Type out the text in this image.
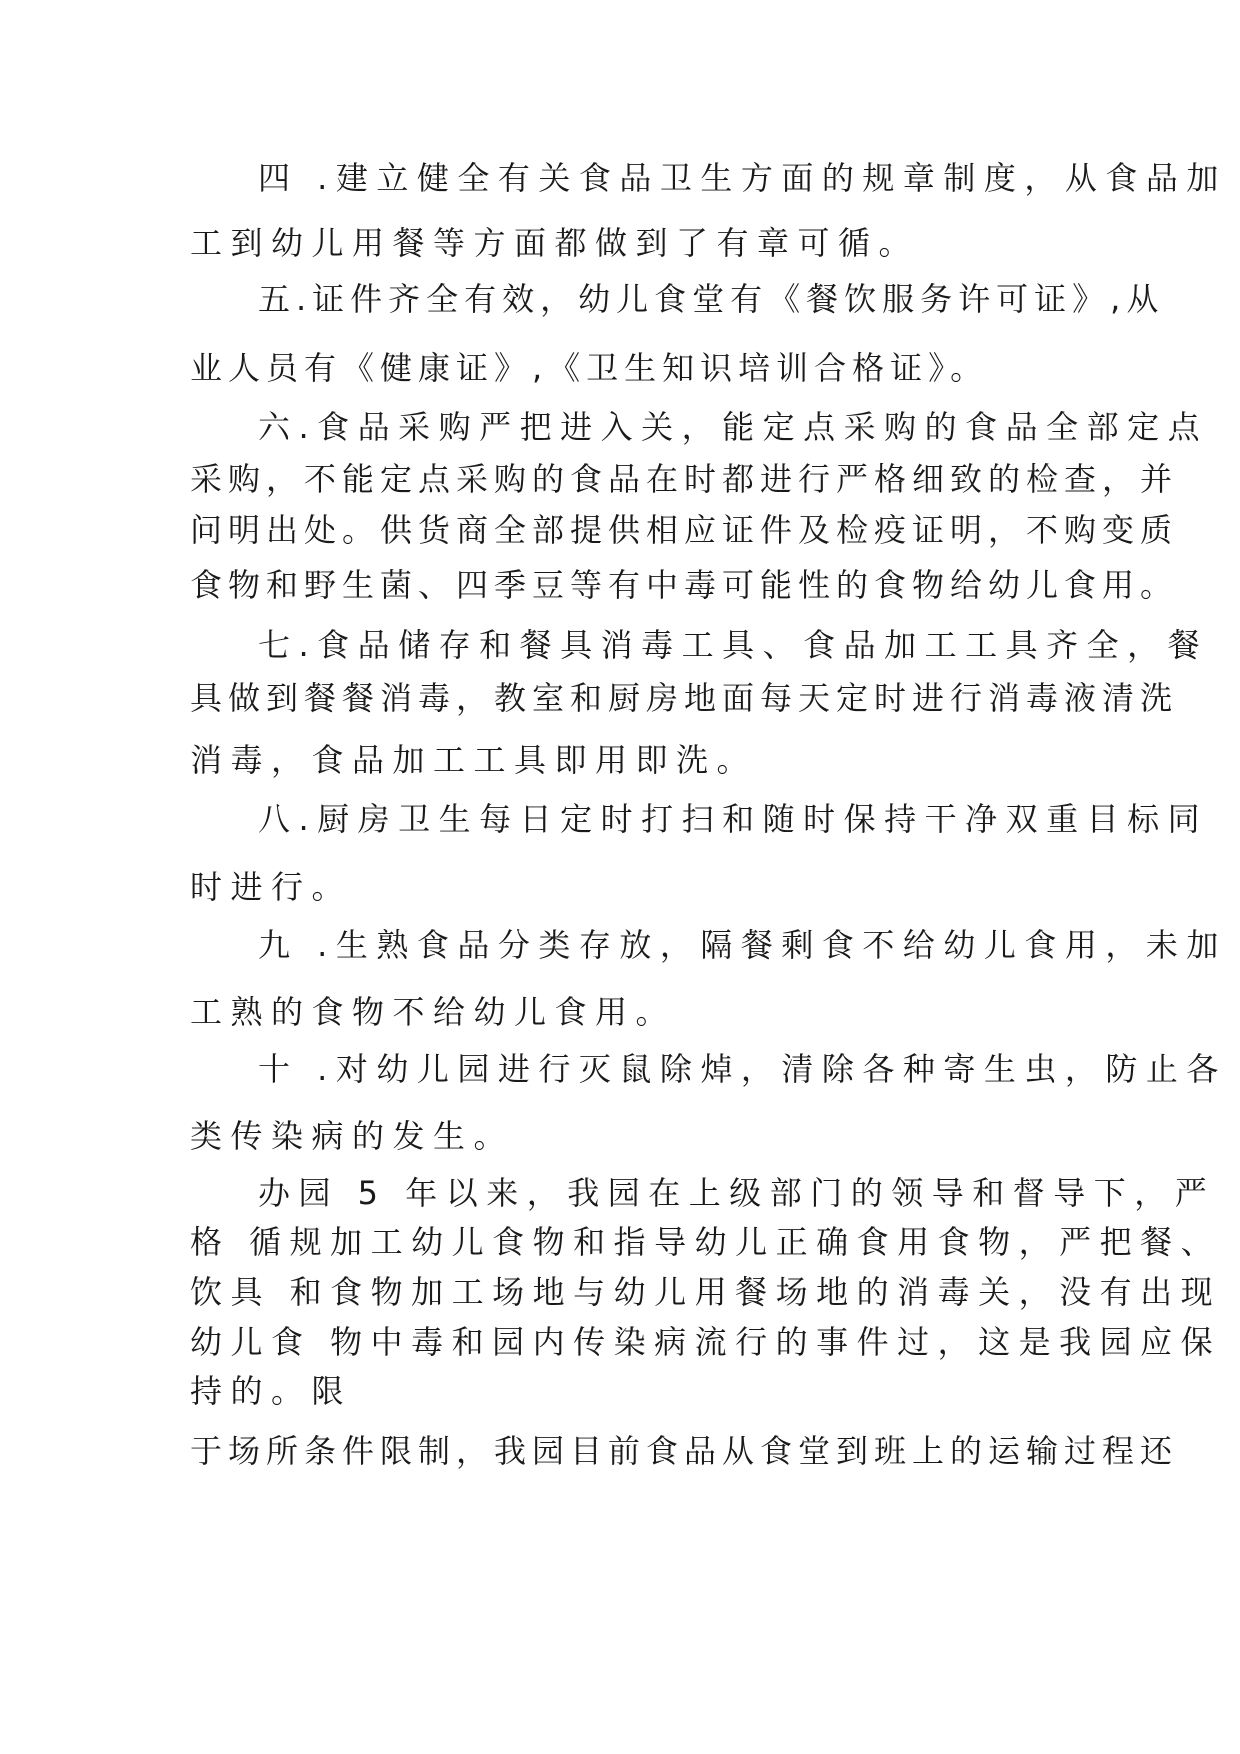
四 .建立健全有关食品卫生方面的规章制度，从食品加
工到幼儿用餐等方面都做到了有章可循。
五.证件齐全有效，幼儿食堂有《餐饮服务许可证》,从
业人员有《健康证》,《卫生知识培训合格证》。
六.食品采购严把进入关，能定点采购的食品全部定点
采购，不能定点采购的食品在时都进行严格细致的检查，并
问明出处。供货商全部提供相应证件及检疫证明，不购变质
食物和野生菌、四季豆等有中毒可能性的食物给幼儿食用。
七.食品储存和餐具消毒工具、食品加工工具齐全，餐
具做到餐餐消毒，教室和厨房地面每天定时进行消毒液清洗
消毒，食品加工工具即用即洗。
八.厨房卫生每日定时打扫和随时保持干净双重目标同
时进行。
九 .生熟食品分类存放，隔餐剩食不给幼儿食用，未加
工熟的食物不给幼儿食用。
十 .对幼儿园进行灭鼠除焯，清除各种寄生虫，防止各
类传染病的发生。
办园 5 年以来，我园在上级部门的领导和督导下，严
格 循规加工幼儿食物和指导幼儿正确食用食物，严把餐、
饮具 和食物加工场地与幼儿用餐场地的消毒关，没有出现
幼儿食 物中毒和园内传染病流行的事件过，这是我园应保
持的。限
于场所条件限制，我园目前食品从食堂到班上的运输过程还
